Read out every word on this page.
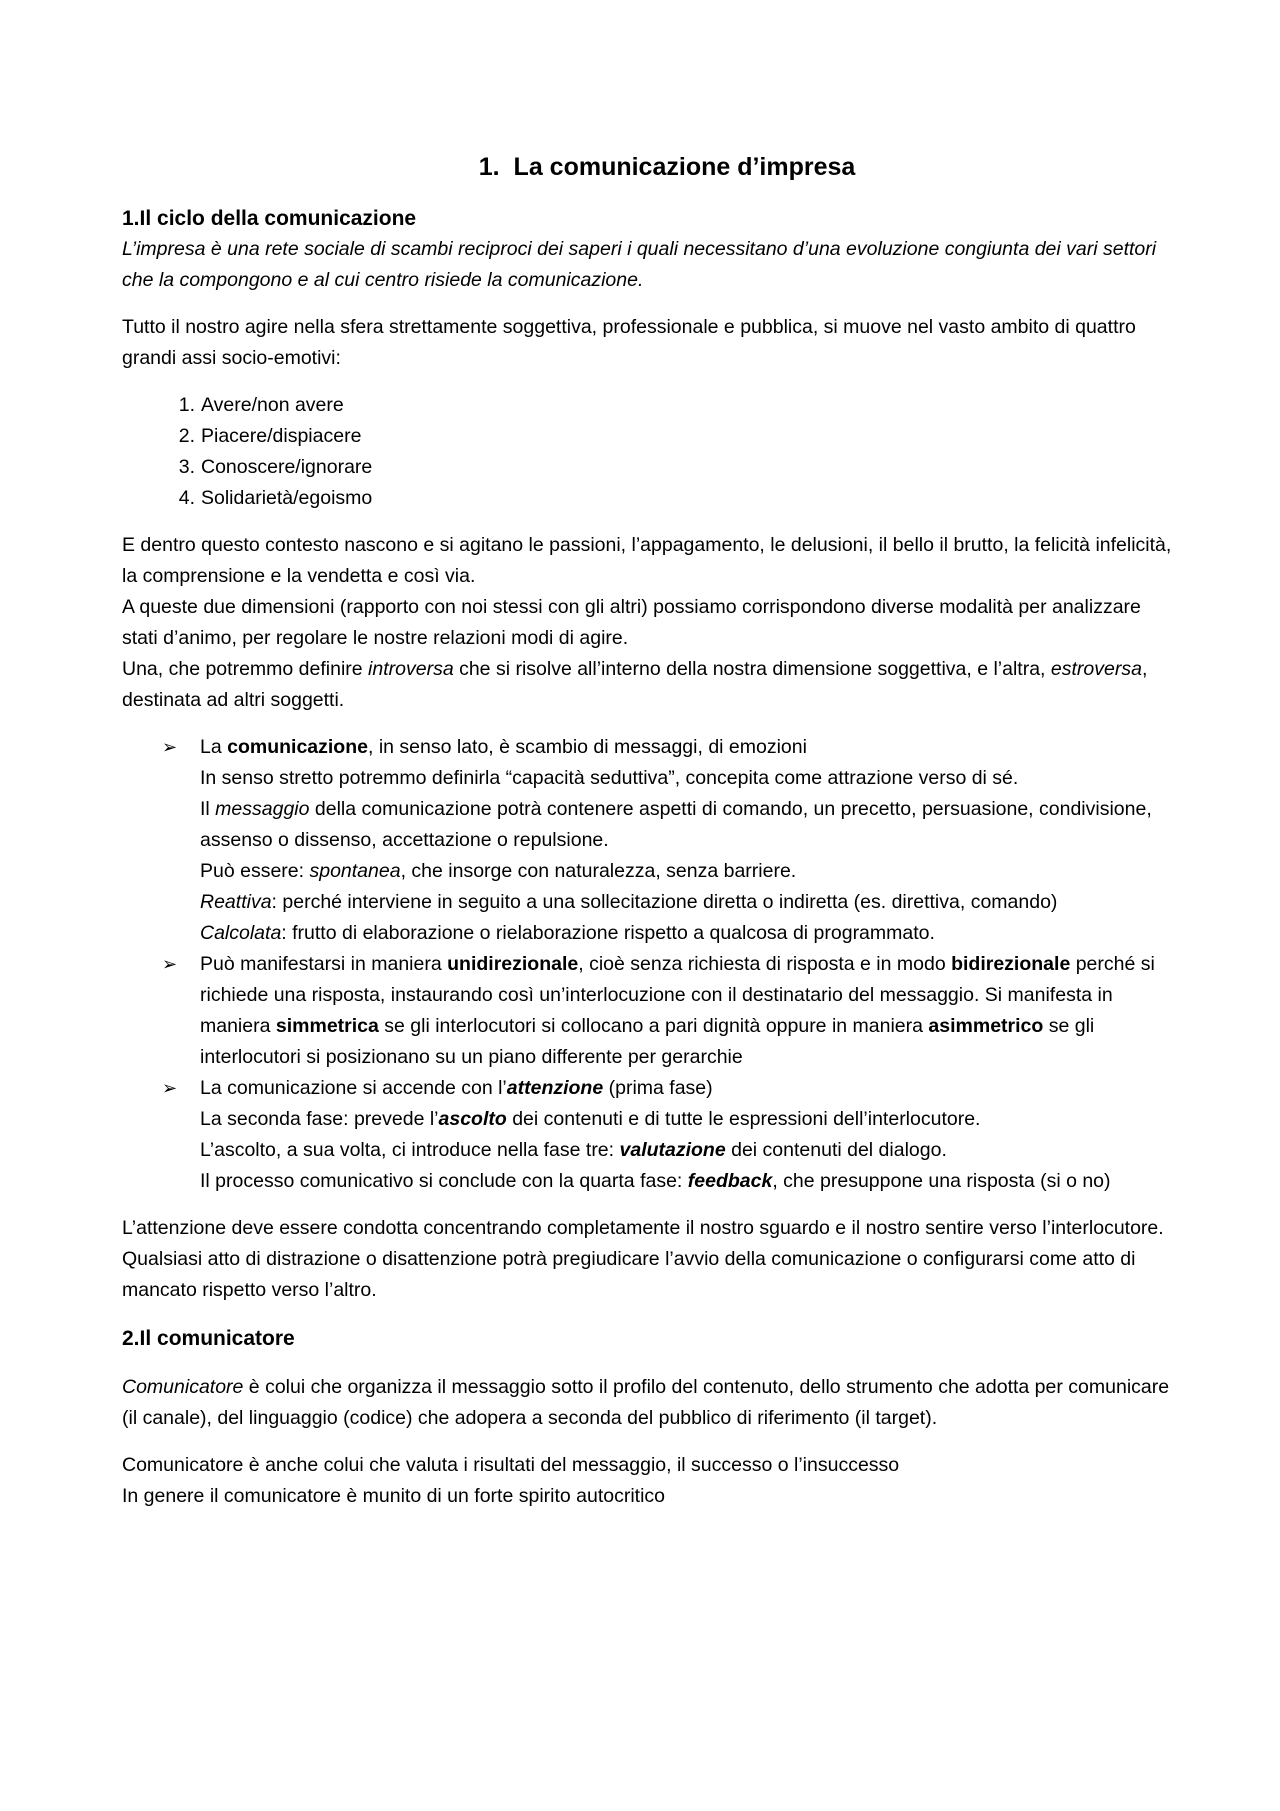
1. La comunicazione d’impresa
1.Il ciclo della comunicazione

L’impresa è una rete sociale di scambi reciproci dei saperi i quali necessitano d’una evoluzione congiunta dei vari settori che la compongono e al cui centro risiede la comunicazione.

Tutto il nostro agire nella sfera strettamente soggettiva, professionale e pubblica, si muove nel vasto ambito di quattro grandi assi socio-emotivi:

1. Avere/non avere
2. Piacere/dispiacere
3. Conoscere/ignorare
4. Solidarietà/egoismo

E dentro questo contesto nascono e si agitano le passioni, l’appagamento, le delusioni, il bello il brutto, la felicità infelicità, la comprensione e la vendetta e così via.
A queste due dimensioni (rapporto con noi stessi con gli altri) possiamo corrispondono diverse modalità per analizzare stati d’animo, per regolare le nostre relazioni modi di agire.
Una, che potremmo definire introversa che si risolve all’interno della nostra dimensione soggettiva, e l’altra, estroversa, destinata ad altri soggetti.

➢ La comunicazione, in senso lato, è scambio di messaggi, di emozioni
In senso stretto potremmo definirla “capacità seduttiva”, concepita come attrazione verso di sé.
Il messaggio della comunicazione potrà contenere aspetti di comando, un precetto, persuasione, condivisione, assenso o dissenso, accettazione o repulsione.
Può essere: spontanea, che insorge con naturalezza, senza barriere.
Reattiva: perché interviene in seguito a una sollecitazione diretta o indiretta (es. direttiva, comando)
Calcolata: frutto di elaborazione o rielaborazione rispetto a qualcosa di programmato.
➢ Può manifestarsi in maniera unidirezionale, cioè senza richiesta di risposta e in modo bidirezionale perché si richiede una risposta, instaurando così un’interlocuzione con il destinatario del messaggio. Si manifesta in maniera simmetrica se gli interlocutori si collocano a pari dignità oppure in maniera asimmetrico se gli interlocutori si posizionano su un piano differente per gerarchie
➢ La comunicazione si accende con l’attenzione (prima fase)
La seconda fase: prevede l’ascolto dei contenuti e di tutte le espressioni dell’interlocutore.
L’ascolto, a sua volta, ci introduce nella fase tre: valutazione dei contenuti del dialogo.
Il processo comunicativo si conclude con la quarta fase: feedback, che presuppone una risposta (si o no)

L’attenzione deve essere condotta concentrando completamente il nostro sguardo e il nostro sentire verso l’interlocutore. Qualsiasi atto di distrazione o disattenzione potrà pregiudicare l’avvio della comunicazione o configurarsi come atto di mancato rispetto verso l’altro.

2.Il comunicatore

Comunicatore è colui che organizza il messaggio sotto il profilo del contenuto, dello strumento che adotta per comunicare (il canale), del linguaggio (codice) che adopera a seconda del pubblico di riferimento (il target).

Comunicatore è anche colui che valuta i risultati del messaggio, il successo o l’insuccesso
In genere il comunicatore è munito di un forte spirito autocritico
